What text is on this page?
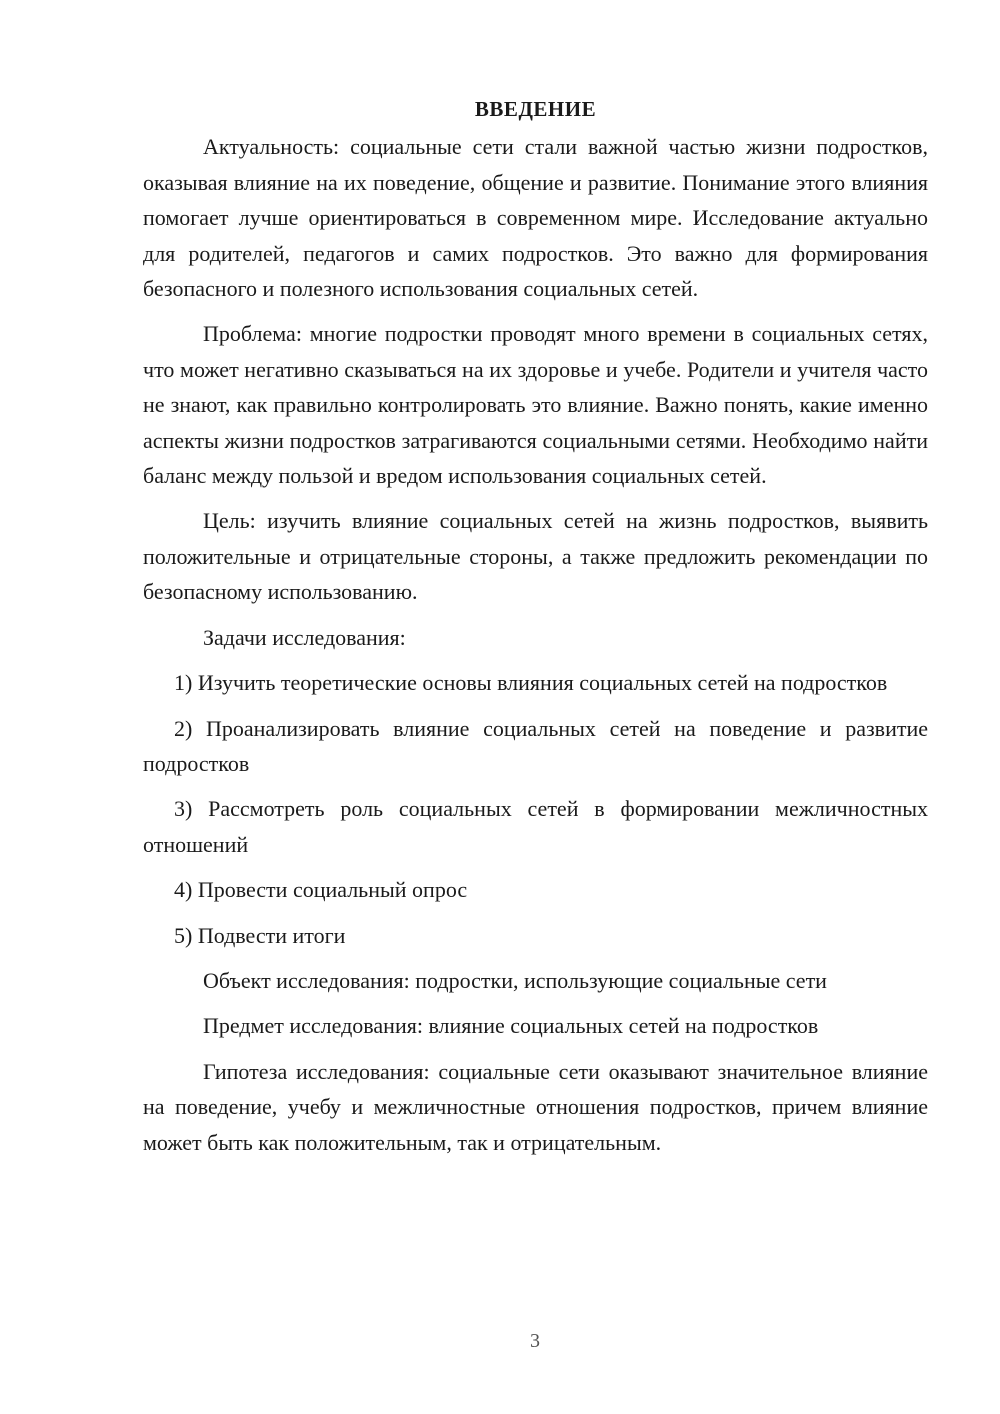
ВВЕДЕНИЕ

Актуальность: социальные сети стали важной частью жизни подростков, оказывая влияние на их поведение, общение и развитие. Понимание этого влияния помогает лучше ориентироваться в современном мире. Исследование актуально для родителей, педагогов и самих подростков. Это важно для формирования безопасного и полезного использования социальных сетей.

Проблема: многие подростки проводят много времени в социальных сетях, что может негативно сказываться на их здоровье и учебе. Родители и учителя часто не знают, как правильно контролировать это влияние. Важно понять, какие именно аспекты жизни подростков затрагиваются социальными сетями. Необходимо найти баланс между пользой и вредом использования социальных сетей.

Цель: изучить влияние социальных сетей на жизнь подростков, выявить положительные и отрицательные стороны, а также предложить рекомендации по безопасному использованию.

Задачи исследования:

1) Изучить теоретические основы влияния социальных сетей на подростков

2) Проанализировать влияние социальных сетей на поведение и развитие подростков

3) Рассмотреть роль социальных сетей в формировании межличностных отношений

4) Провести социальный опрос

5) Подвести итоги

Объект исследования: подростки, использующие социальные сети

Предмет исследования: влияние социальных сетей на подростков

Гипотеза исследования: социальные сети оказывают значительное влияние на поведение, учебу и межличностные отношения подростков, причем влияние может быть как положительным, так и отрицательным.

3
